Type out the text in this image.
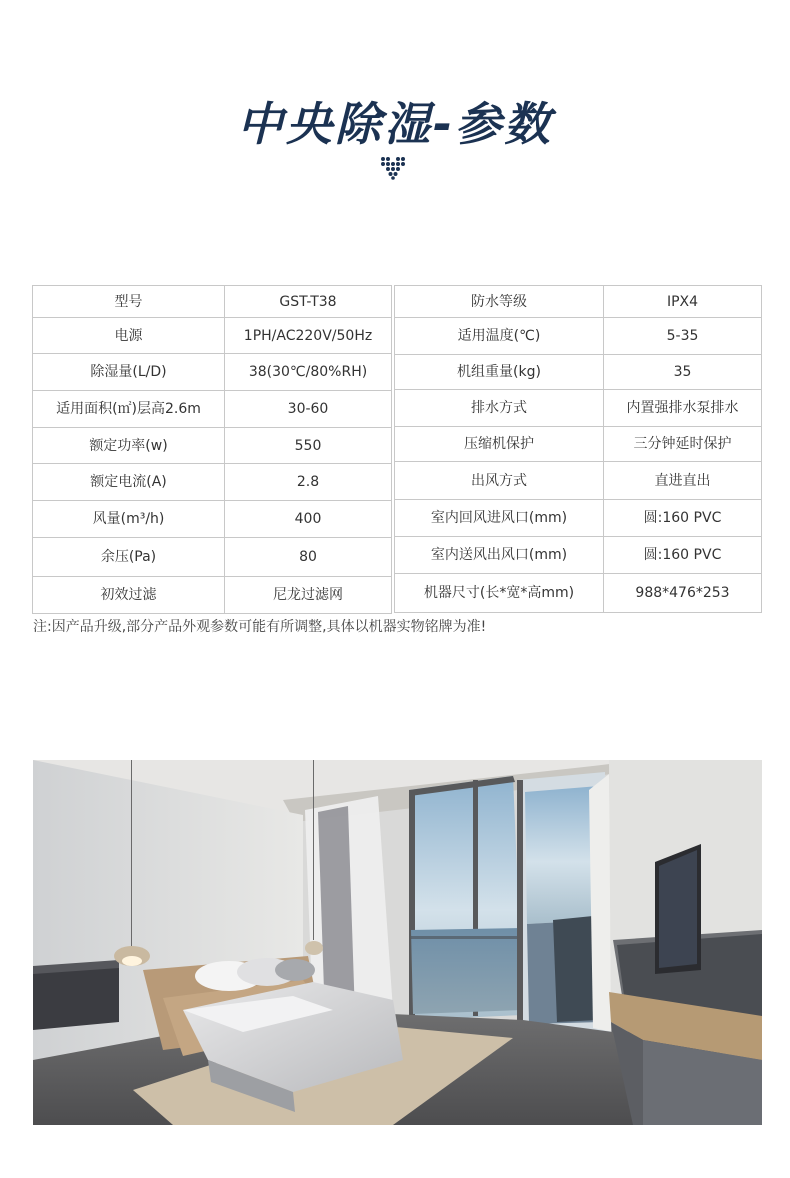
中央除湿-参数
型号	GST-T38
电源	1PH/AC220V/50Hz
除湿量(L/D)	38(30℃/80%RH)
适用面积(㎡)层高2.6m	30-60
额定功率(w)	550
额定电流(A)	2.8
风量(m³/h)	400
余压(Pa)	80
初效过滤	尼龙过滤网
防水等级	IPX4
适用温度(℃)	5-35
机组重量(kg)	35
排水方式	内置强排水泵排水
压缩机保护	三分钟延时保护
出风方式	直进直出
室内回风进风口(mm)	圆:160 PVC
室内送风出风口(mm)	圆:160 PVC
机器尺寸(长*宽*高mm)	988*476*253
注:因产品升级,部分产品外观参数可能有所调整,具体以机器实物铭牌为准!
